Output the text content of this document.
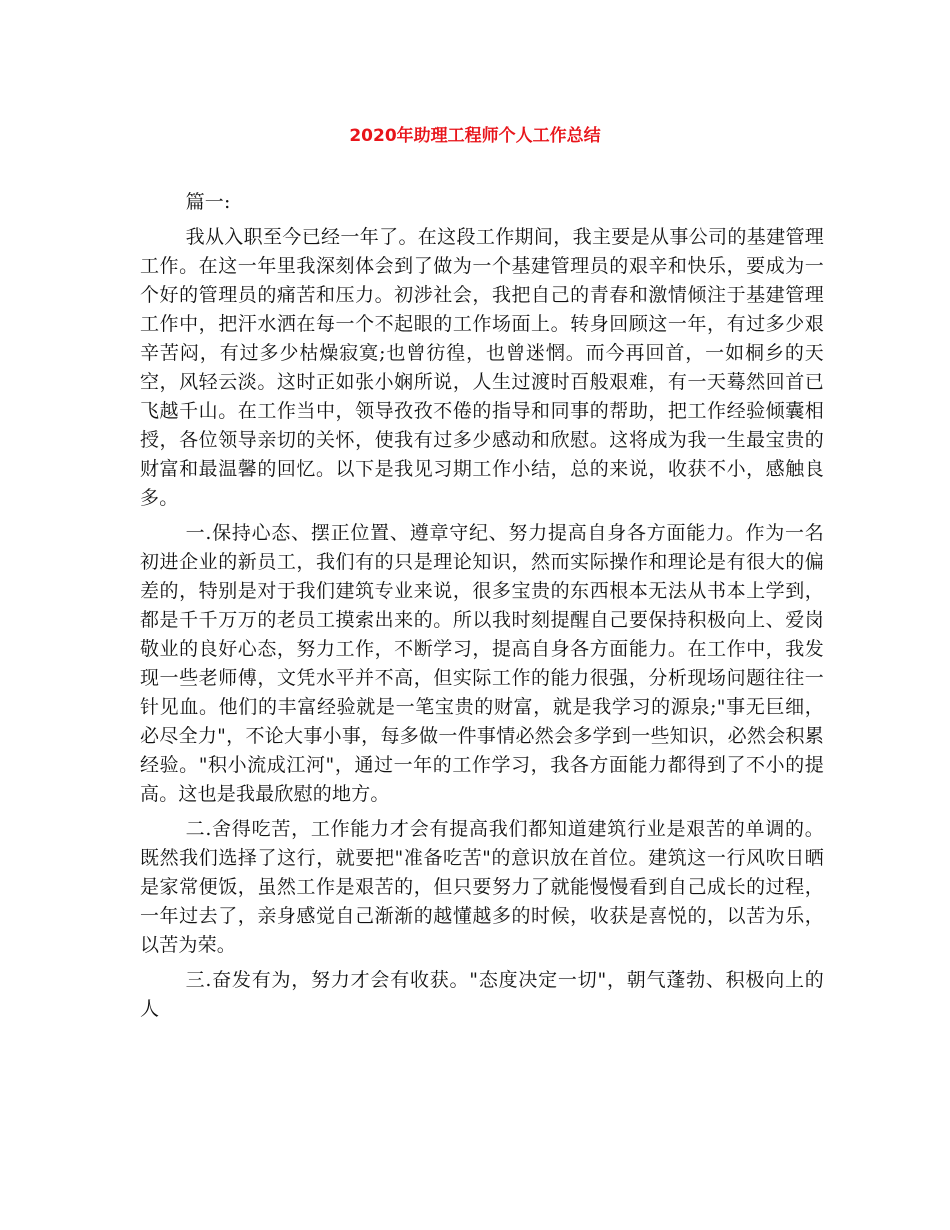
2020年助理工程师个人工作总结

篇一:

我从入职至今已经一年了。在这段工作期间，我主要是从事公司的基建管理工作。在这一年里我深刻体会到了做为一个基建管理员的艰辛和快乐，要成为一个好的管理员的痛苦和压力。初涉社会，我把自己的青春和激情倾注于基建管理工作中，把汗水洒在每一个不起眼的工作场面上。转身回顾这一年，有过多少艰辛苦闷，有过多少枯燥寂寞;也曾彷徨，也曾迷惘。而今再回首，一如桐乡的天空，风轻云淡。这时正如张小娴所说，人生过渡时百般艰难，有一天蓦然回首已飞越千山。在工作当中，领导孜孜不倦的指导和同事的帮助，把工作经验倾囊相授，各位领导亲切的关怀，使我有过多少感动和欣慰。这将成为我一生最宝贵的财富和最温馨的回忆。以下是我见习期工作小结，总的来说，收获不小，感触良多。

一.保持心态、摆正位置、遵章守纪、努力提高自身各方面能力。作为一名初进企业的新员工，我们有的只是理论知识，然而实际操作和理论是有很大的偏差的，特别是对于我们建筑专业来说，很多宝贵的东西根本无法从书本上学到，都是千千万万的老员工摸索出来的。所以我时刻提醒自己要保持积极向上、爱岗敬业的良好心态，努力工作，不断学习，提高自身各方面能力。在工作中，我发现一些老师傅，文凭水平并不高，但实际工作的能力很强，分析现场问题往往一针见血。他们的丰富经验就是一笔宝贵的财富，就是我学习的源泉;"事无巨细，必尽全力"，不论大事小事，每多做一件事情必然会多学到一些知识，必然会积累经验。"积小流成江河"，通过一年的工作学习，我各方面能力都得到了不小的提高。这也是我最欣慰的地方。

二.舍得吃苦，工作能力才会有提高我们都知道建筑行业是艰苦的单调的。既然我们选择了这行，就要把"准备吃苦"的意识放在首位。建筑这一行风吹日晒是家常便饭，虽然工作是艰苦的，但只要努力了就能慢慢看到自己成长的过程，一年过去了，亲身感觉自己渐渐的越懂越多的时候，收获是喜悦的，以苦为乐，以苦为荣。

三.奋发有为，努力才会有收获。"态度决定一切"，朝气蓬勃、积极向上的人
